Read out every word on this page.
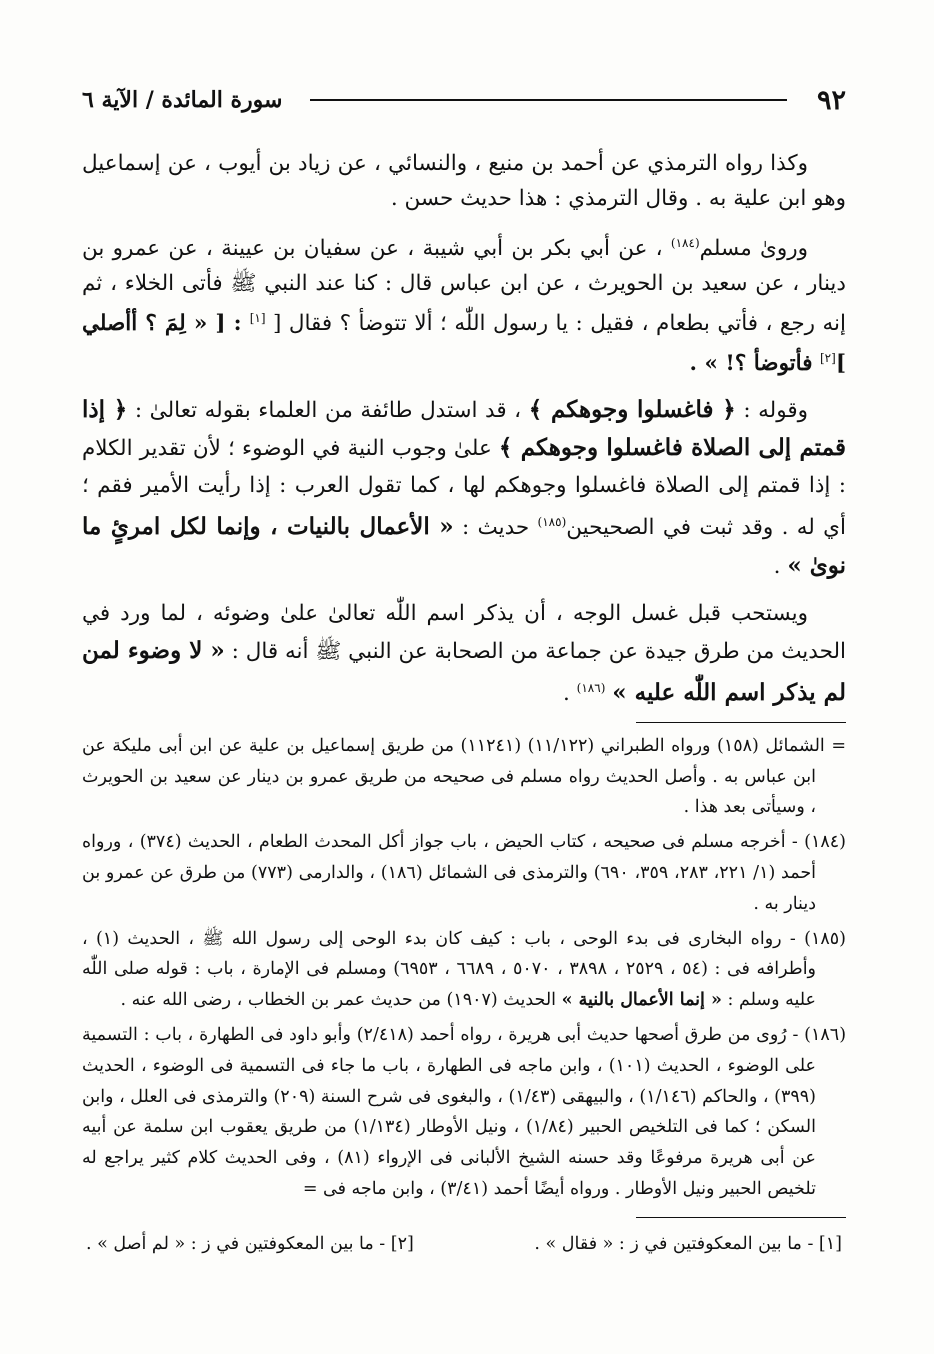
٩٢
سورة المائدة / الآية ٦

وكذا رواه الترمذي عن أحمد بن منيع ، والنسائي ، عن زياد بن أيوب ، عن إسماعيل وهو ابن علية به . وقال الترمذي : هذا حديث حسن .

وروىٰ مسلم$^{(١٨٤)}$ ، عن أبي بكر بن أبي شيبة ، عن سفيان بن عيينة ، عن عمرو بن دينار ، عن سعيد بن الحويرث ، عن ابن عباس قال : كنا عند النبي ﷺ فأتى الخلاء ، ثم إنه رجع ، فأتي بطعام ، فقيل : يا رسول اللّٰه ؛ ألا تتوضأ ؟ فقال [ [١] : [ « لِمَ ؟ أأصلي ][٢] فأتوضأ ؟! » .

وقوله : ﴿ فاغسلوا وجوهكم ﴾ ، قد استدل طائفة من العلماء بقوله تعالىٰ : ﴿ إذا قمتم إلى الصلاة فاغسلوا وجوهكم ﴾ علىٰ وجوب النية في الوضوء ؛ لأن تقدير الكلام : إذا قمتم إلى الصلاة فاغسلوا وجوهكم لها ، كما تقول العرب : إذا رأيت الأمير فقم ؛ أي له . وقد ثبت في الصحيحين$^{(١٨٥)}$ حديث : « الأعمال بالنيات ، وإنما لكل امرئٍ ما نوىٰ » .

ويستحب قبل غسل الوجه ، أن يذكر اسم اللّٰه تعالىٰ علىٰ وضوئه ، لما ورد في الحديث من طرق جيدة عن جماعة من الصحابة عن النبي ﷺ أنه قال : « لا وضوء لمن لم يذكر اسم اللّٰه عليه » $^{(١٨٦)}$ .

= الشمائل (١٥٨) ورواه الطبراني (١١/١٢٢) (١١٢٤١) من طريق إسماعيل بن علية عن ابن أبى مليكة عن ابن عباس به . وأصل الحديث رواه مسلم فى صحيحه من طريق عمرو بن دينار عن سعيد بن الحويرث ، وسيأتى بعد هذا .

(١٨٤) - أخرجه مسلم فى صحيحه ، كتاب الحيض ، باب جواز أكل المحدث الطعام ، الحديث (٣٧٤) ، ورواه أحمد (١/ ٢٢١، ٢٨٣، ٣٥٩، ٦٩٠) والترمذى فى الشمائل (١٨٦) ، والدارمى (٧٧٣) من طرق عن عمرو بن دينار به .

(١٨٥) - رواه البخارى فى بدء الوحى ، باب : كيف كان بدء الوحى إلى رسول الله ﷺ ، الحديث (١) ، وأطرافه فى : (٥٤ ، ٢٥٢٩ ، ٣٨٩٨ ، ٥٠٧٠ ، ٦٦٨٩ ، ٦٩٥٣) ومسلم فى الإمارة ، باب : قوله صلى اللّٰه عليه وسلم : « إنما الأعمال بالنية » الحديث (١٩٠٧) من حديث عمر بن الخطاب ، رضى الله عنه .

(١٨٦) - رُوى من طرق أصحها حديث أبى هريرة ، رواه أحمد (٢/٤١٨) وأبو داود فى الطهارة ، باب : التسمية على الوضوء ، الحديث (١٠١) ، وابن ماجه فى الطهارة ، باب ما جاء فى التسمية فى الوضوء ، الحديث (٣٩٩) ، والحاكم (١/١٤٦) ، والبيهقى (١/٤٣) ، والبغوى فى شرح السنة (٢٠٩) والترمذى فى العلل ، وابن السكن ؛ كما فى التلخيص الحبير (١/٨٤) ، ونيل الأوطار (١/١٣٤) من طريق يعقوب ابن سلمة عن أبيه عن أبى هريرة مرفوعًا وقد حسنه الشيخ الألبانى فى الإرواء (٨١) ، وفى الحديث كلام كثير يراجع له تلخيص الحبير ونيل الأوطار . ورواه أيضًا أحمد (٣/٤١) ، وابن ماجه فى =

[١] - ما بين المعكوفتين في ز : « فقال » .
[٢] - ما بين المعكوفتين في ز : « لم أصل » .
